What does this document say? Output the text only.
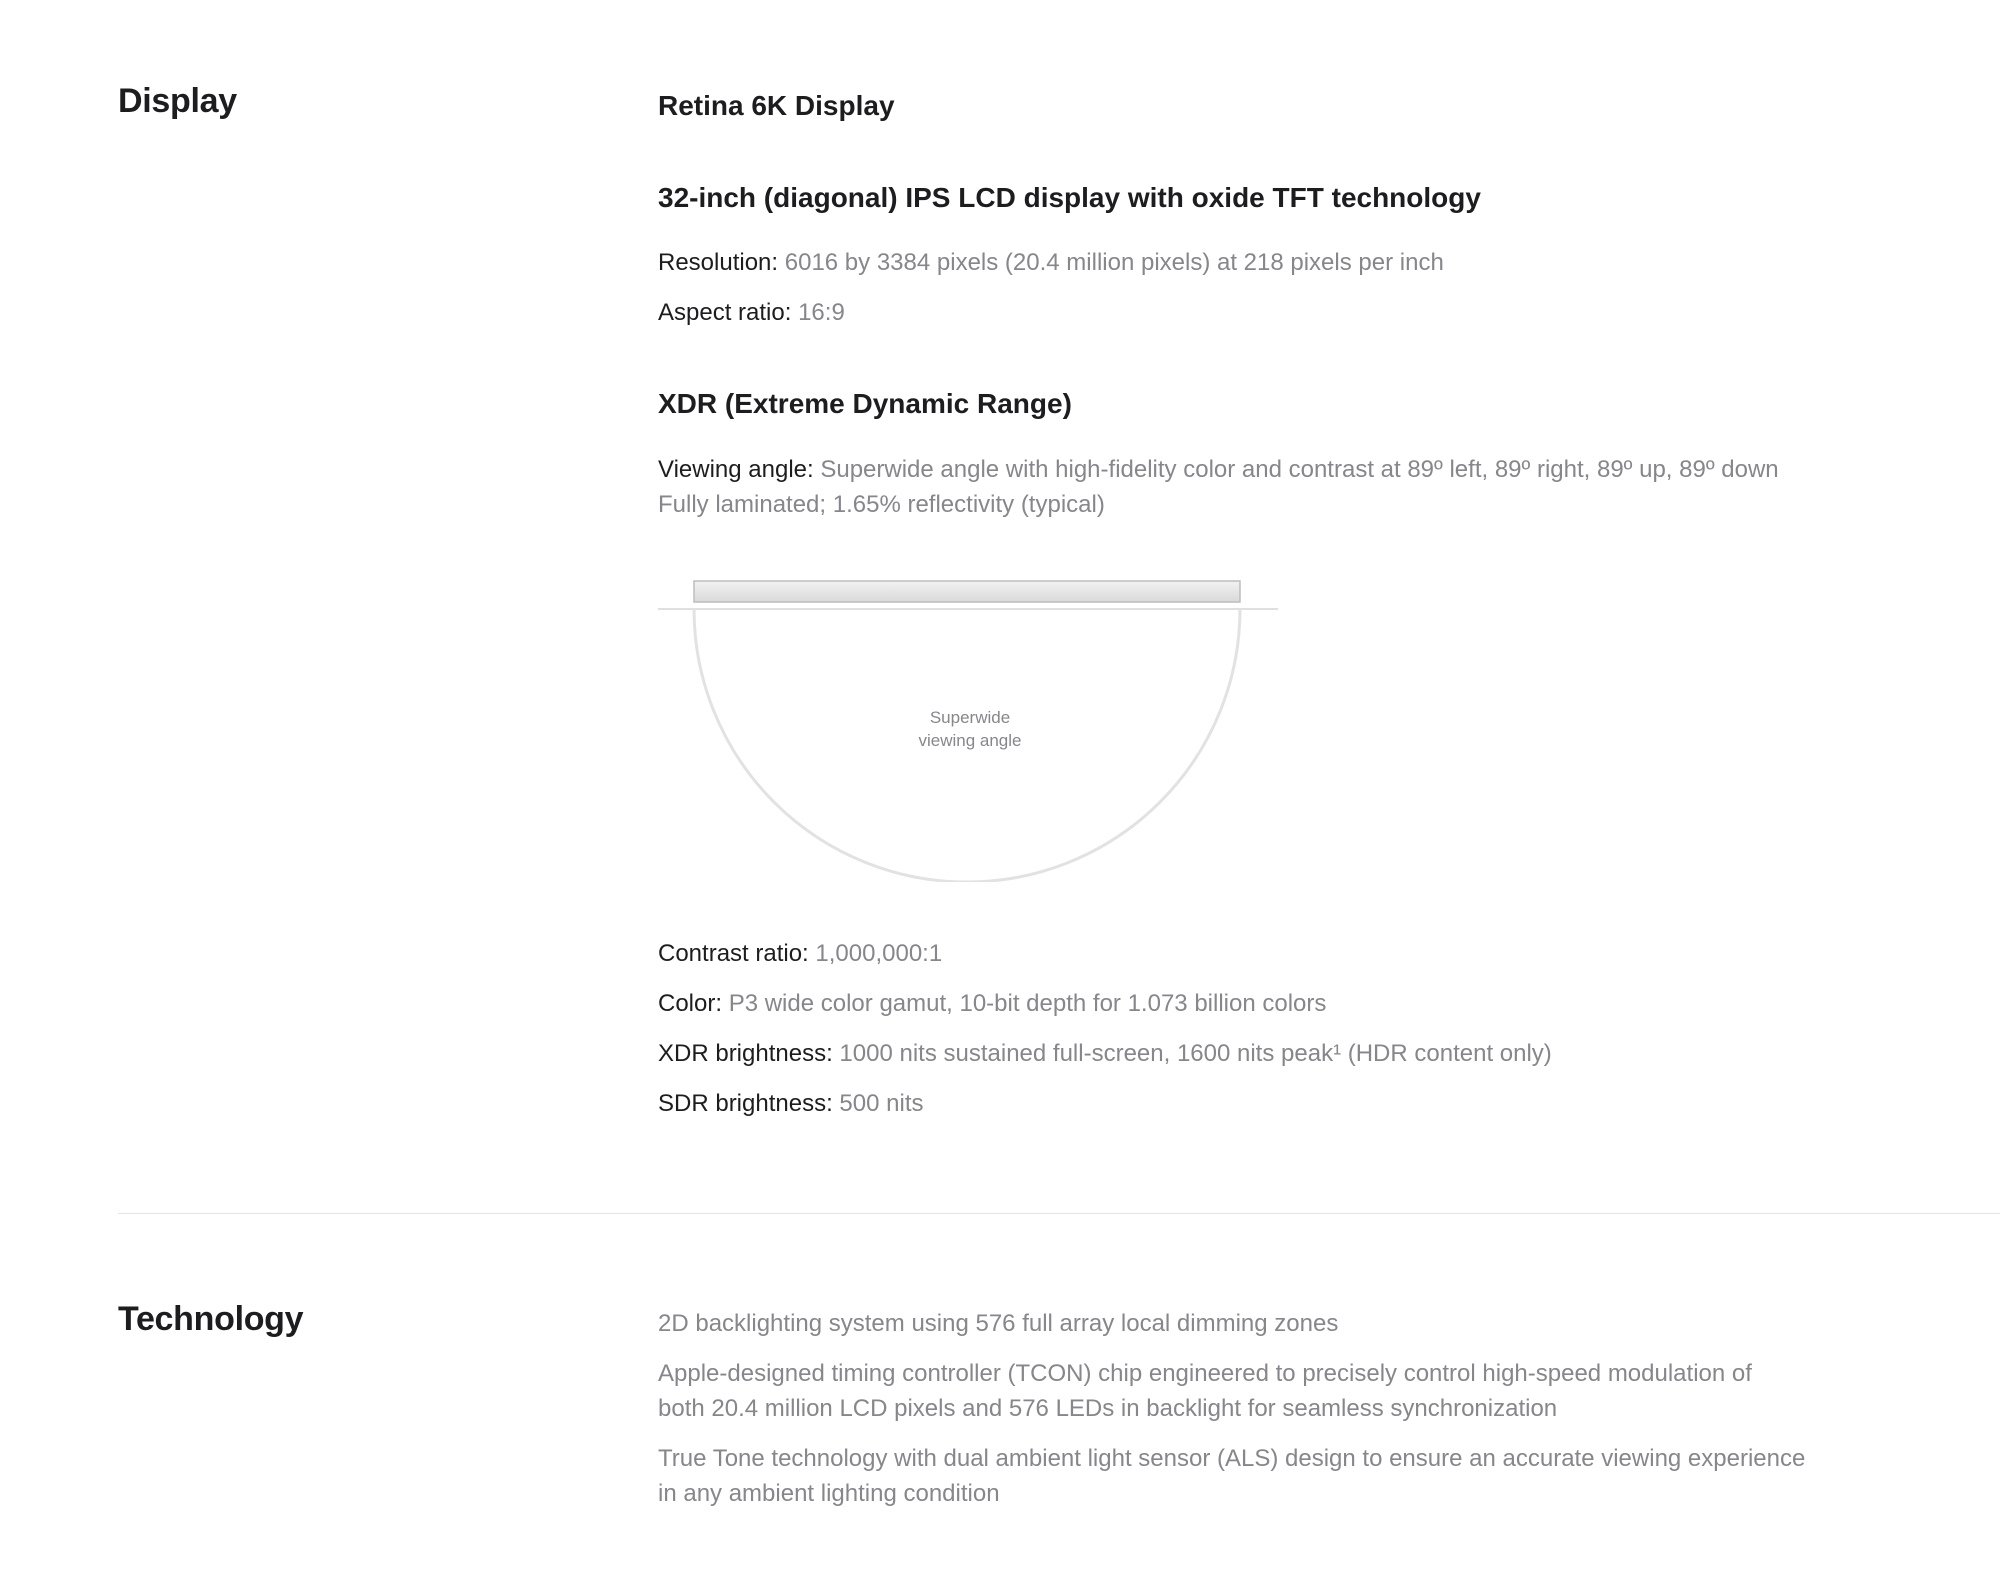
Display	Retina 6K Display
32-inch (diagonal) IPS LCD display with oxide TFT technology

Resolution: 6016 by 3384 pixels (20.4 million pixels) at 218 pixels per inch

Aspect ratio: 16:9

XDR (Extreme Dynamic Range)

Viewing angle: Superwide angle with high-fidelity color and contrast at 89º left, 89º right, 89º up, 89º down

Fully laminated; 1.65% reflectivity (typical)

Contrast ratio: 1,000,000:1

Color: P3 wide color gamut, 10-bit depth for 1.073 billion colors

XDR brightness: 1000 nits sustained full-screen, 1600 nits peak¹ (HDR content only)

SDR brightness: 500 nits

Superwide
viewing angle
Technology	2D backlighting system using 576 full array local dimming zones

Apple-designed timing controller (TCON) chip engineered to precisely control high-speed modulation of
both 20.4 million LCD pixels and 576 LEDs in backlight for seamless synchronization

True Tone technology with dual ambient light sensor (ALS) design to ensure an accurate viewing experience
in any ambient lighting condition
